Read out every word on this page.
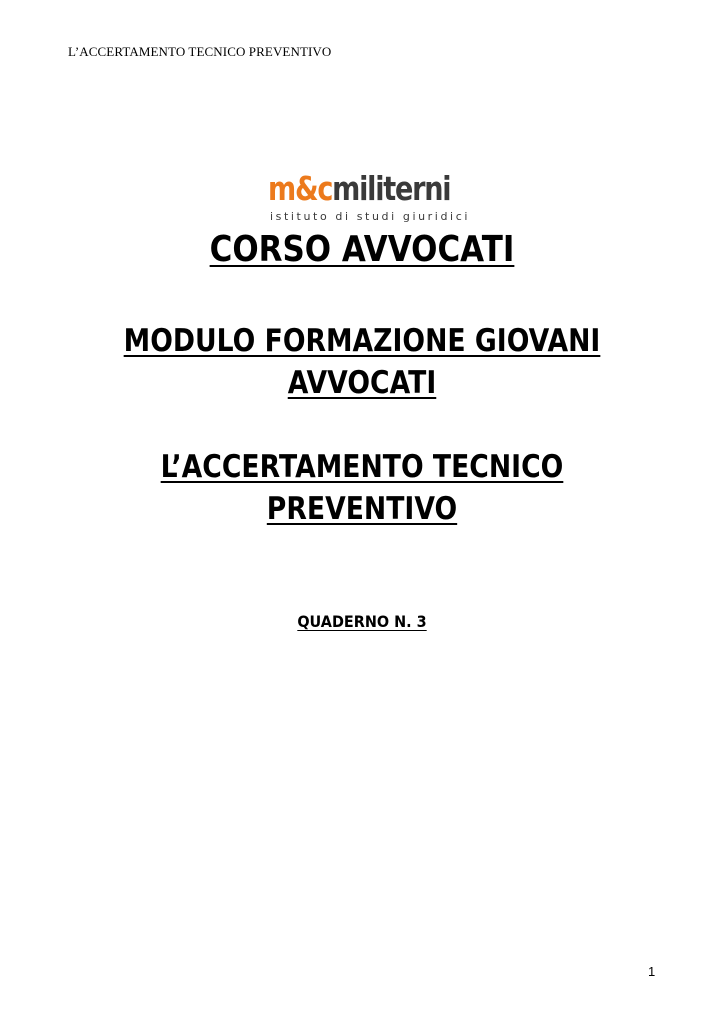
L’ACCERTAMENTO TECNICO PREVENTIVO
m&cmiliterni
istituto di studi giuridici
CORSO AVVOCATI
MODULO FORMAZIONE GIOVANI
AVVOCATI
L’ACCERTAMENTO TECNICO
PREVENTIVO
QUADERNO N. 3
1
